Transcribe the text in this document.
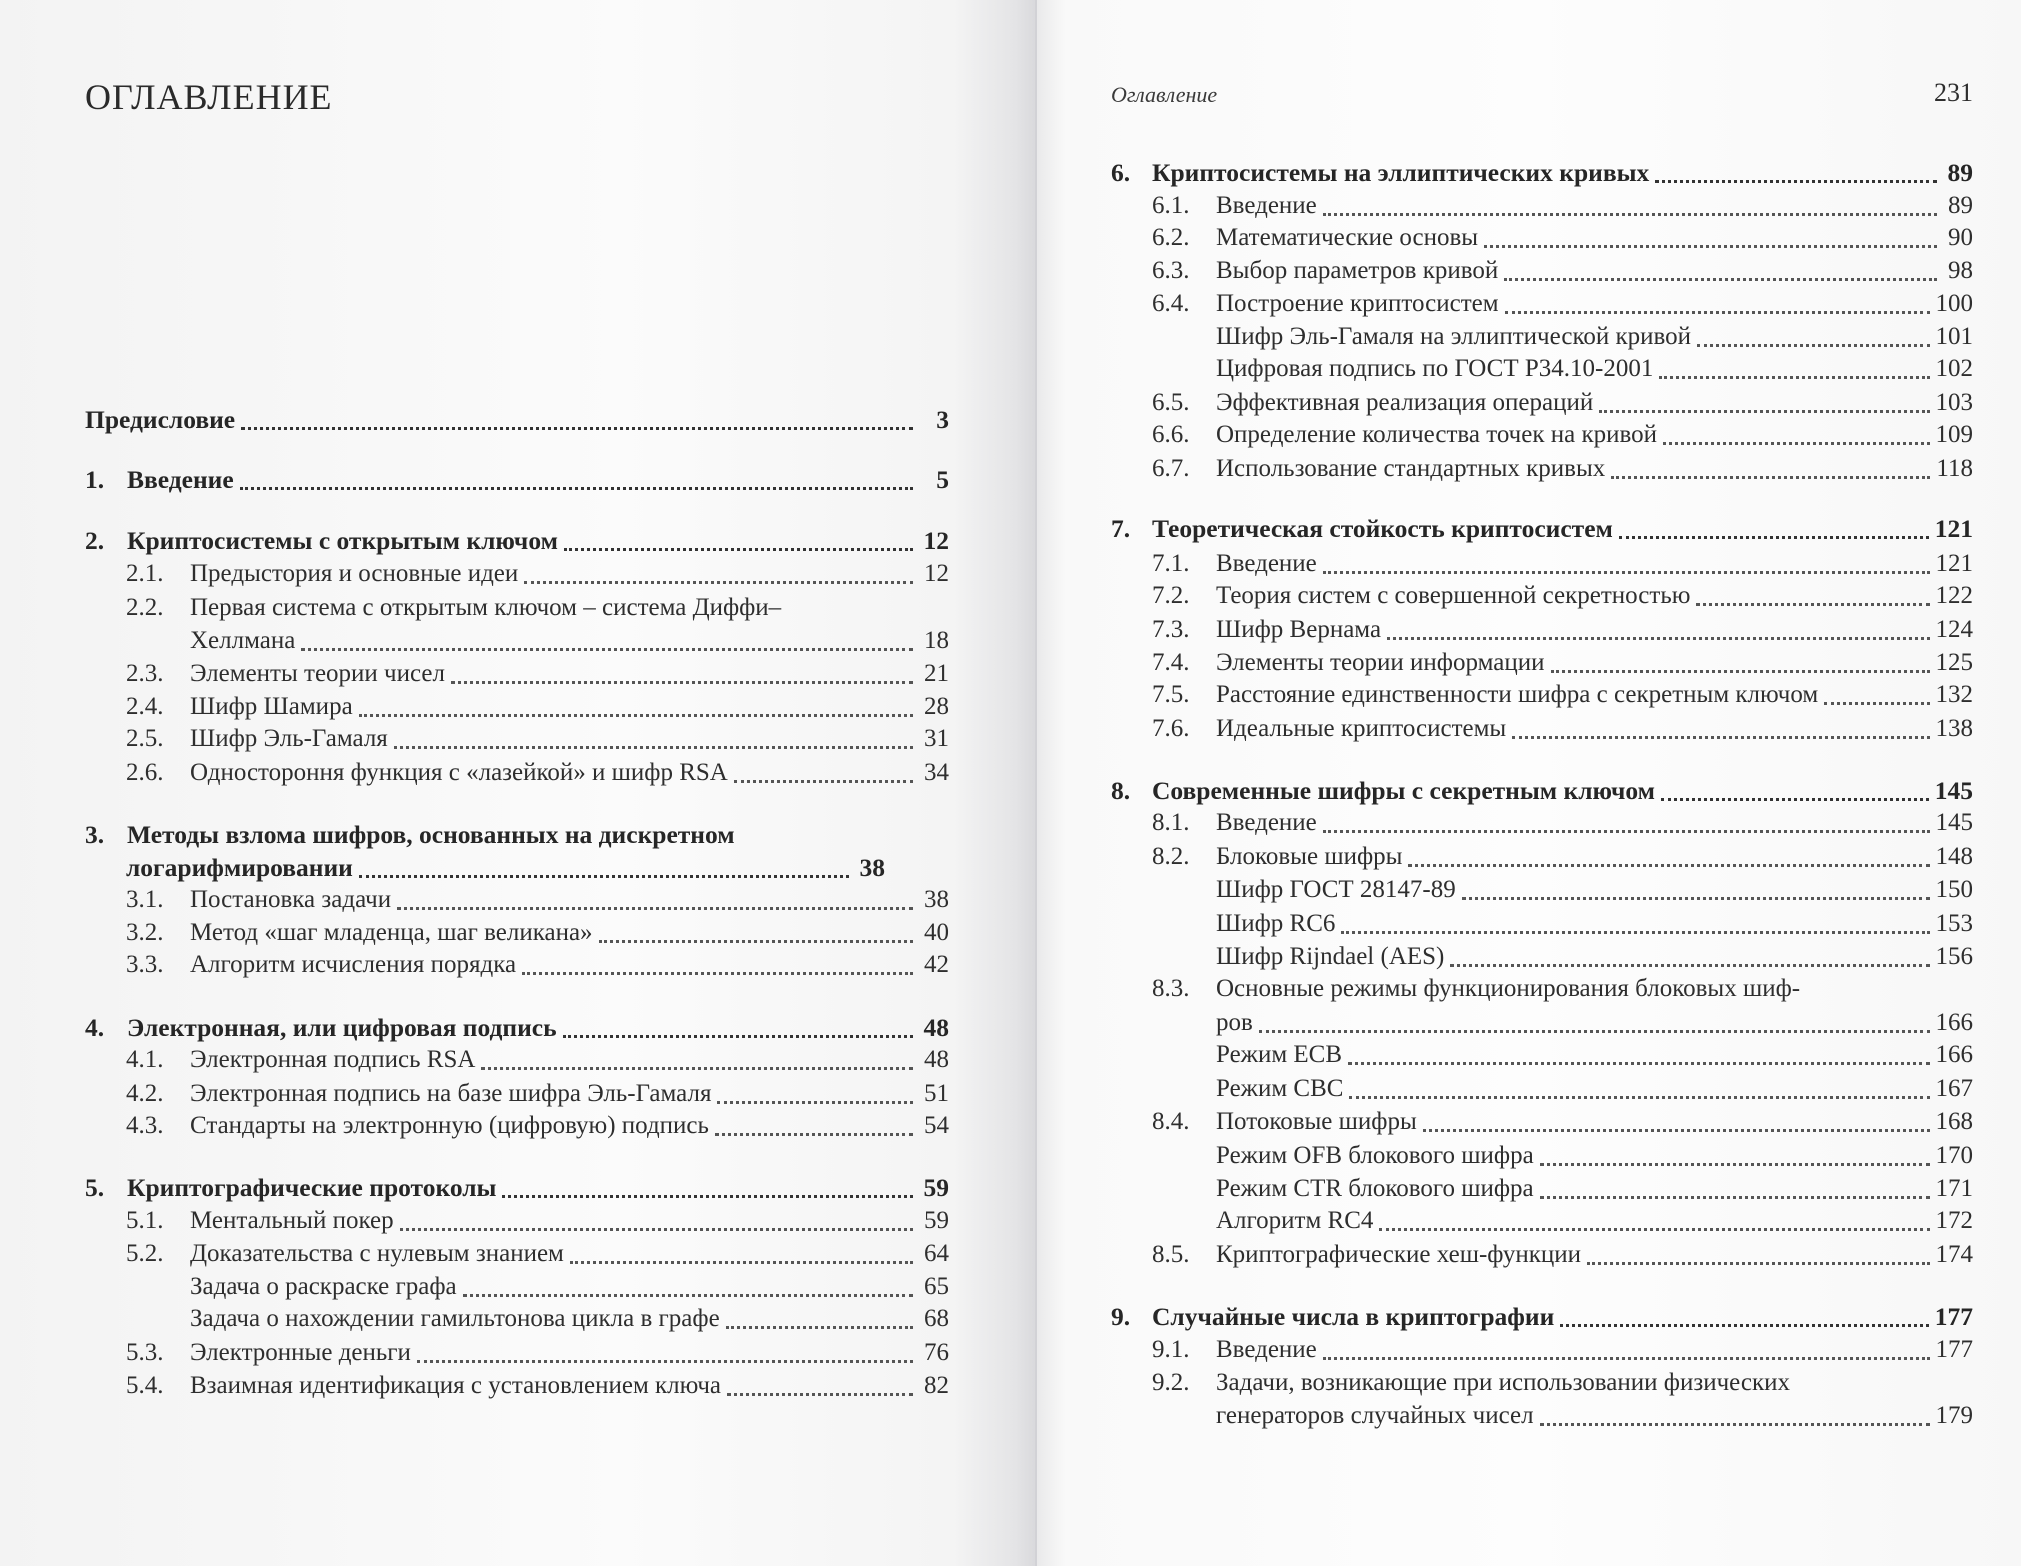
ОГЛАВЛЕНИЕ	Оглавление	231
Предисловие	3
1. Введение	5
2. Криптосистемы с открытым ключом	12
2.1.	Предыстория и основные идеи	12
2.2.	Первая система с открытым ключом – система Диффи–
Хеллмана	18
2.3.	Элементы теории чисел	21
2.4.	Шифр Шамира	28
2.5.	Шифр Эль-Гамаля	31
2.6.	Одностороння функция с «лазейкой» и шифр RSA	34
3. Методы взлома шифров, основанных на дискретном
логарифмировании	38
3.1.	Постановка задачи	38
3.2.	Метод «шаг младенца, шаг великана»	40
3.3.	Алгоритм исчисления порядка	42
4. Электронная, или цифровая подпись	48
4.1.	Электронная подпись RSA	48
4.2.	Электронная подпись на базе шифра Эль-Гамаля	51
4.3.	Стандарты на электронную (цифровую) подпись	54
5. Криптографические протоколы	59
5.1.	Ментальный покер	59
5.2.	Доказательства с нулевым знанием	64
Задача о раскраске графа	65
Задача о нахождении гамильтонова цикла в графе	68
5.3.	Электронные деньги	76
5.4.	Взаимная идентификация с установлением ключа	82
6. Криптосистемы на эллиптических кривых	89
6.1.	Введение	89
6.2.	Математические основы	90
6.3.	Выбор параметров кривой	98
6.4.	Построение криптосистем	100
Шифр Эль-Гамаля на эллиптической кривой	101
Цифровая подпись по ГОСТ Р34.10-2001	102
6.5.	Эффективная реализация операций	103
6.6.	Определение количества точек на кривой	109
6.7.	Использование стандартных кривых	118
7. Теоретическая стойкость криптосистем	121
7.1.	Введение	121
7.2.	Теория систем с совершенной секретностью	122
7.3.	Шифр Вернама	124
7.4.	Элементы теории информации	125
7.5.	Расстояние единственности шифра с секретным ключом	132
7.6.	Идеальные криптосистемы	138
8. Современные шифры с секретным ключом	145
8.1.	Введение	145
8.2.	Блоковые шифры	148
Шифр ГОСТ 28147-89	150
Шифр RC6	153
Шифр Rijndael (AES)	156
8.3.	Основные режимы функционирования блоковых шиф-
ров	166
Режим ECB	166
Режим CBC	167
8.4.	Потоковые шифры	168
Режим OFB блокового шифра	170
Режим CTR блокового шифра	171
Алгоритм RC4	172
8.5.	Криптографические хеш-функции	174
9. Случайные числа в криптографии	177
9.1.	Введение	177
9.2.	Задачи, возникающие при использовании физических
генераторов случайных чисел	179
